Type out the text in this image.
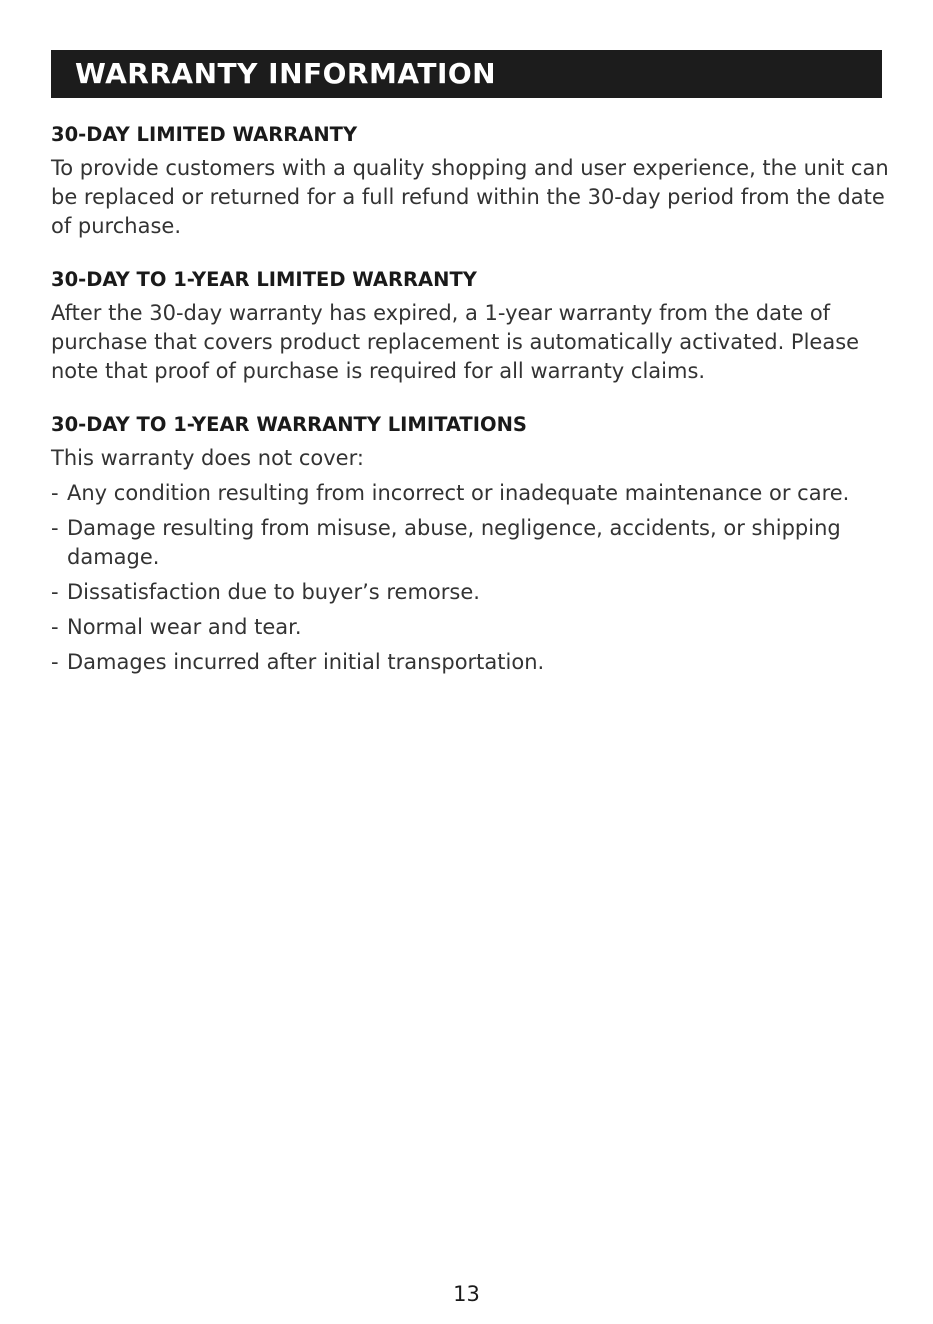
WARRANTY INFORMATION
30-DAY LIMITED WARRANTY

To provide customers with a quality shopping and user experience, the unit can be replaced or returned for a full refund within the 30-day period from the date of purchase.

30-DAY TO 1-YEAR LIMITED WARRANTY

After the 30-day warranty has expired, a 1-year warranty from the date of purchase that covers product replacement is automatically activated. Please note that proof of purchase is required for all warranty claims.

30-DAY TO 1-YEAR WARRANTY LIMITATIONS

This warranty does not cover:

- Any condition resulting from incorrect or inadequate maintenance or care.
- Damage resulting from misuse, abuse, negligence, accidents, or shipping damage.
- Dissatisfaction due to buyer’s remorse.
- Normal wear and tear.
- Damages incurred after initial transportation.
13
